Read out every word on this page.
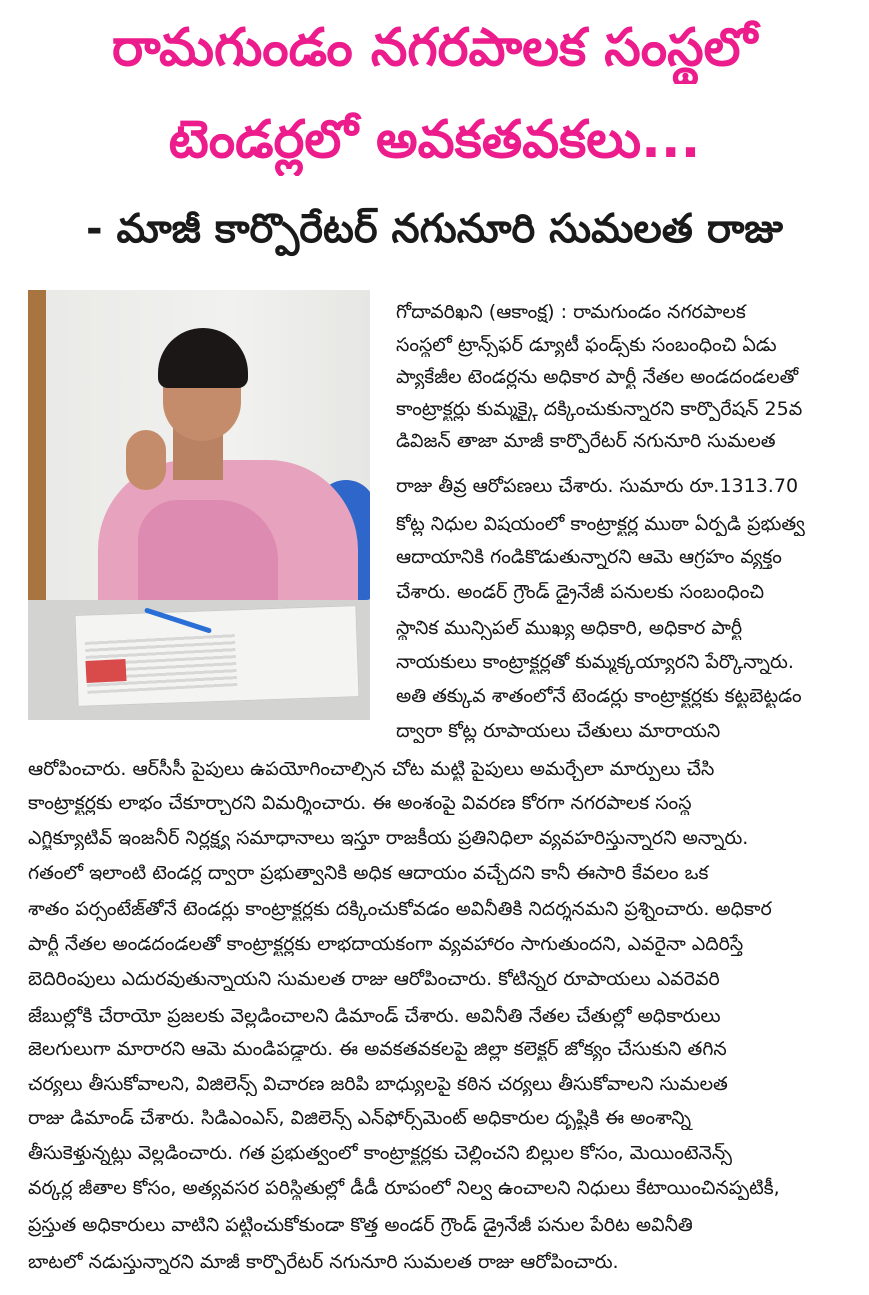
రామగుండం నగరపాలక సంస్థలో
టెండర్లలో అవకతవకలు...
- మాజీ కార్పొరేటర్ నగునూరి సుమలత రాజు

గోదావరిఖని (ఆకాంక్ష) : రామగుండం నగరపాలక

సంస్థలో ట్రాన్స్‌ఫర్ డ్యూటీ ఫండ్స్‌కు సంబంధించి ఏడు

ప్యాకేజీల టెండర్లను అధికార పార్టీ నేతల అండదండలతో

కాంట్రాక్టర్లు కుమ్మక్కై దక్కించుకున్నారని కార్పొరేషన్ 25వ

డివిజన్ తాజా మాజీ కార్పొరేటర్ నగునూరి సుమలత

రాజు తీవ్ర ఆరోపణలు చేశారు. సుమారు రూ.1313.70

కోట్ల నిధుల విషయంలో కాంట్రాక్టర్ల ముఠా ఏర్పడి ప్రభుత్వ

ఆదాయానికి గండికొడుతున్నారని ఆమె ఆగ్రహం వ్యక్తం

చేశారు. అండర్ గ్రౌండ్ డ్రైనేజీ పనులకు సంబంధించి

స్థానిక మున్సిపల్ ముఖ్య అధికారి, అధికార పార్టీ

నాయకులు కాంట్రాక్టర్లతో కుమ్మక్కయ్యారని పేర్కొన్నారు.

అతి తక్కువ శాతంలోనే టెండర్లు కాంట్రాక్టర్లకు కట్టబెట్టడం

ద్వారా కోట్ల రూపాయలు చేతులు మారాయని

ఆరోపించారు. ఆర్‌సీసీ పైపులు ఉపయోగించాల్సిన చోట మట్టి పైపులు అమర్చేలా మార్పులు చేసి

కాంట్రాక్టర్లకు లాభం చేకూర్చారని విమర్శించారు. ఈ అంశంపై వివరణ కోరగా నగరపాలక సంస్థ

ఎగ్జిక్యూటివ్ ఇంజనీర్ నిర్లక్ష్య సమాధానాలు ఇస్తూ రాజకీయ ప్రతినిధిలా వ్యవహరిస్తున్నారని అన్నారు.

గతంలో ఇలాంటి టెండర్ల ద్వారా ప్రభుత్వానికి అధిక ఆదాయం వచ్చేదని కానీ ఈసారి కేవలం ఒక

శాతం పర్సంటేజ్‌తోనే టెండర్లు కాంట్రాక్టర్లకు దక్కించుకోవడం అవినీతికి నిదర్శనమని ప్రశ్నించారు. అధికార

పార్టీ నేతల అండదండలతో కాంట్రాక్టర్లకు లాభదాయకంగా వ్యవహారం సాగుతుందని, ఎవరైనా ఎదిరిస్తే

బెదిరింపులు ఎదురవుతున్నాయని సుమలత రాజు ఆరోపించారు. కోటిన్నర రూపాయలు ఎవరెవరి

జేబుల్లోకి చేరాయో ప్రజలకు వెల్లడించాలని డిమాండ్ చేశారు. అవినీతి నేతల చేతుల్లో అధికారులు

జెలగులుగా మారారని ఆమె మండిపడ్డారు. ఈ అవకతవకలపై జిల్లా కలెక్టర్ జోక్యం చేసుకుని తగిన

చర్యలు తీసుకోవాలని, విజిలెన్స్ విచారణ జరిపి బాధ్యులపై కఠిన చర్యలు తీసుకోవాలని సుమలత

రాజు డిమాండ్ చేశారు. సిడిఎంఎస్, విజిలెన్స్ ఎన్‌ఫోర్స్‌మెంట్ అధికారుల దృష్టికి ఈ అంశాన్ని

తీసుకెళ్తున్నట్లు వెల్లడించారు. గత ప్రభుత్వంలో కాంట్రాక్టర్లకు చెల్లించని బిల్లుల కోసం, మెయింటెనెన్స్

వర్కర్ల జీతాల కోసం, అత్యవసర పరిస్థితుల్లో డీడీ రూపంలో నిల్వ ఉంచాలని నిధులు కేటాయించినప్పటికీ,

ప్రస్తుత అధికారులు వాటిని పట్టించుకోకుండా కొత్త అండర్ గ్రౌండ్ డ్రైనేజీ పనుల పేరిట అవినీతి

బాటలో నడుస్తున్నారని మాజీ కార్పొరేటర్ నగునూరి సుమలత రాజు ఆరోపించారు.
